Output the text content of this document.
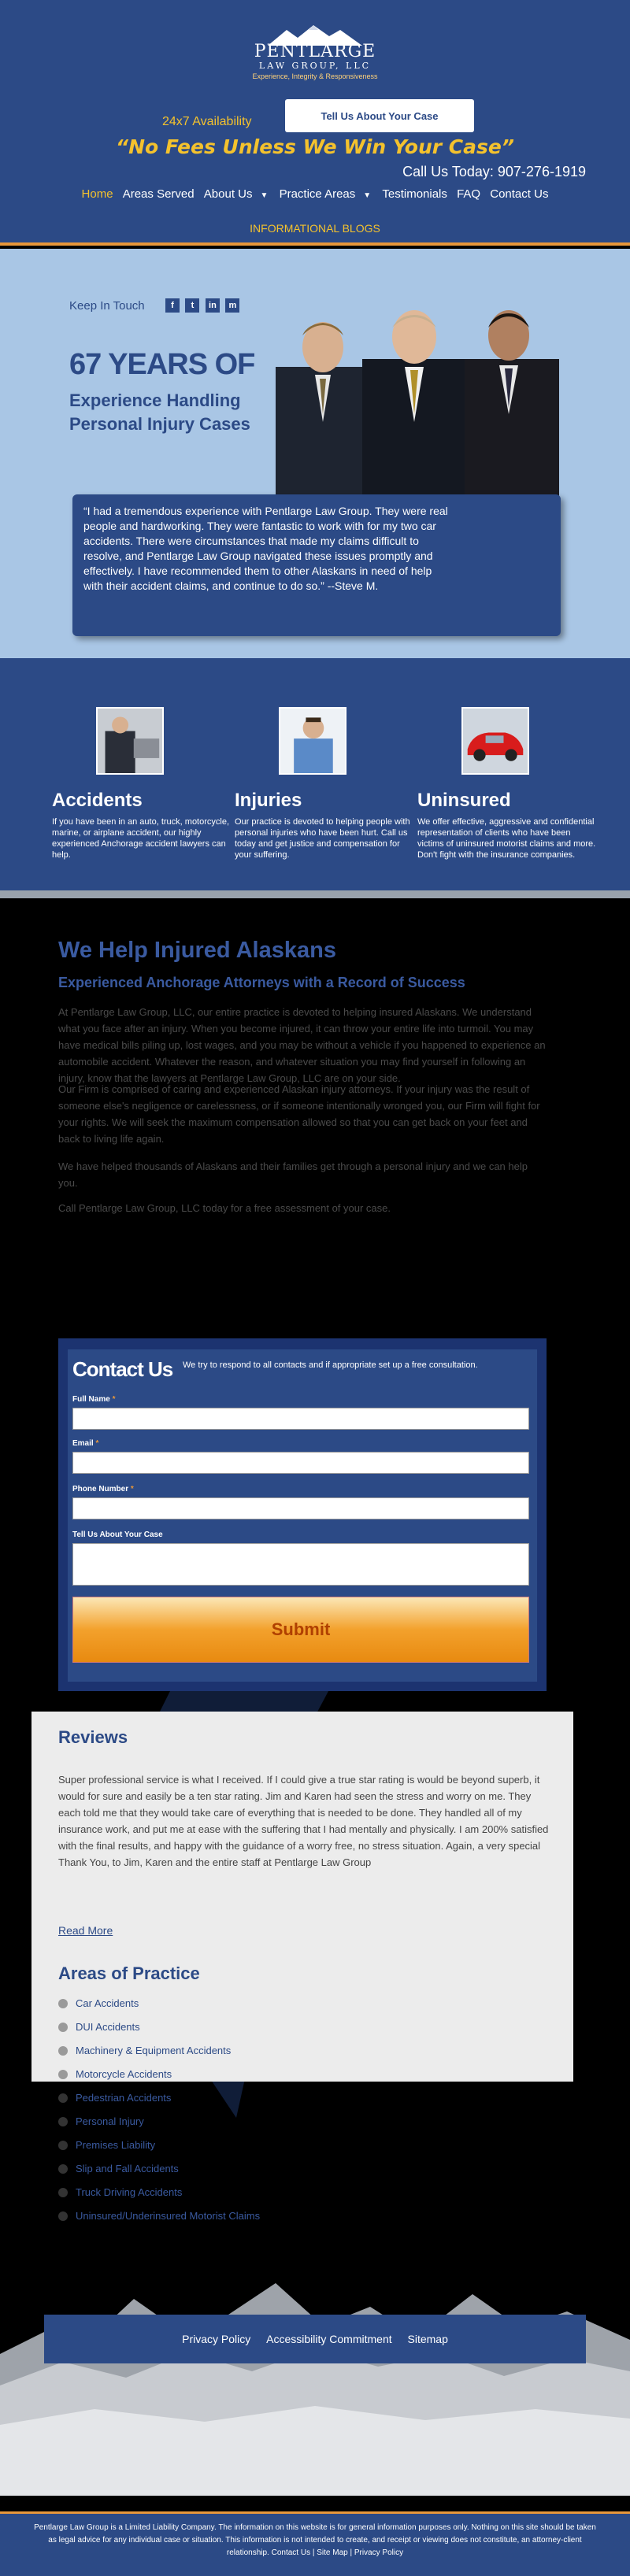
PENTLARGE
LAW GROUP, LLC
Experience, Integrity & Responsiveness
24x7 Availability	Tell Us About Your Case
“No Fees Unless We Win Your Case”
Call Us Today: 907-276-1919
Home Areas Served About Us ▼ Practice Areas ▼ Testimonials FAQ Contact Us
INFORMATIONAL BLOGS
Keep In Touch	f t in m
67 YEARS OF
Experience Handling Personal Injury Cases

“I had a tremendous experience with Pentlarge Law Group. They were real people and hardworking. They were fantastic to work with for my two car accidents. There were circumstances that made my claims difficult to resolve, and Pentlarge Law Group navigated these issues promptly and effectively. I have recommended them to other Alaskans in need of help with their accident claims, and continue to do so.” --Steve M.

Accidents

If you have been in an auto, truck, motorcycle, marine, or airplane accident, our highly experienced Anchorage accident lawyers can help.

Injuries

Our practice is devoted to helping people with personal injuries who have been hurt. Call us today and get justice and compensation for your suffering.

Uninsured

We offer effective, aggressive and confidential representation of clients who have been victims of uninsured motorist claims and more. Don't fight with the insurance companies.

We Help Injured Alaskans
Experienced Anchorage Attorneys with a Record of Success

At Pentlarge Law Group, LLC, our entire practice is devoted to helping insured Alaskans. We understand what you face after an injury. When you become injured, it can throw your entire life into turmoil. You may have medical bills piling up, lost wages, and you may be without a vehicle if you happened to experience an automobile accident. Whatever the reason, and whatever situation you may find yourself in following an injury, know that the lawyers at Pentlarge Law Group, LLC are on your side.

Our Firm is comprised of caring and experienced Alaskan injury attorneys. If your injury was the result of someone else's negligence or carelessness, or if someone intentionally wronged you, our Firm will fight for your rights. We will seek the maximum compensation allowed so that you can get back on your feet and back to living life again.

We have helped thousands of Alaskans and their families get through a personal injury and we can help you.

Call Pentlarge Law Group, LLC today for a free assessment of your case.

Contact Us We try to respond to all contacts and if appropriate set up a free consultation.
Full Name *
Email *
Phone Number *
Tell Us About Your Case
Submit
Reviews

Super professional service is what I received. If I could give a true star rating is would be beyond superb, it would for sure and easily be a ten star rating. Jim and Karen had seen the stress and worry on me. They each told me that they would take care of everything that is needed to be done. They handled all of my insurance work, and put me at ease with the suffering that I had mentally and physically. I am 200% satisfied with the final results, and happy with the guidance of a worry free, no stress situation. Again, a very special Thank You, to Jim, Karen and the entire staff at Pentlarge Law Group

Read More
Areas of Practice
Car Accidents
DUI Accidents
Machinery & Equipment Accidents
Motorcycle Accidents
Pedestrian Accidents
Personal Injury
Premises Liability
Slip and Fall Accidents
Truck Driving Accidents
Uninsured/Underinsured Motorist Claims
Privacy Policy Accessibility Commitment Sitemap
Pentlarge Law Group is a Limited Liability Company. The information on this website is for general information purposes only. Nothing on this site should be taken as legal advice for any individual case or situation. This information is not intended to create, and receipt or viewing does not constitute, an attorney-client relationship. Contact Us | Site Map | Privacy Policy
